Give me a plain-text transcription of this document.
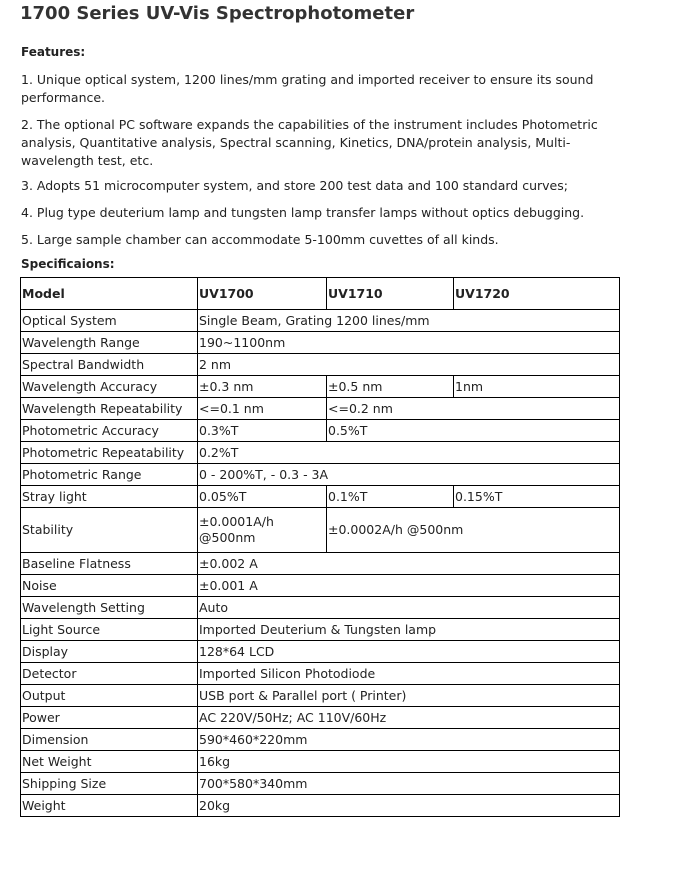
1700 Series UV-Vis Spectrophotometer

Features:

1. Unique optical system, 1200 lines/mm grating and imported receiver to ensure its sound performance.
2. The optional PC software expands the capabilities of the instrument includes Photometric analysis, Quantitative analysis, Spectral scanning, Kinetics, DNA/protein analysis, Multi-wavelength test, etc.
3. Adopts 51 microcomputer system, and store 200 test data and 100 standard curves;
4. Plug type deuterium lamp and tungsten lamp transfer lamps without optics debugging.
5. Large sample chamber can accommodate 5-100mm cuvettes of all kinds.

Specificaions:

Model	UV1700	UV1710	UV1720
Optical System	Single Beam, Grating 1200 lines/mm		
Wavelength Range	190~1100nm		
Spectral Bandwidth	2 nm		
Wavelength Accuracy	±0.3 nm	±0.5 nm	1nm
Wavelength Repeatability	<=0.1 nm	<=0.2 nm	
Photometric Accuracy	0.3%T	0.5%T	
Photometric Repeatability	0.2%T		
Photometric Range	0 - 200%T, - 0.3 - 3A		
Stray light	0.05%T	0.1%T	0.15%T
Stability	±0.0001A/h @500nm	±0.0002A/h @500nm	
Baseline Flatness	±0.002 A		
Noise	±0.001 A		
Wavelength Setting	Auto		
Light Source	Imported Deuterium & Tungsten lamp		
Display	128*64 LCD		
Detector	Imported Silicon Photodiode		
Output	USB port & Parallel port ( Printer)		
Power	AC 220V/50Hz; AC 110V/60Hz		
Dimension	590*460*220mm		
Net Weight	16kg		
Shipping Size	700*580*340mm		
Weight	20kg		
